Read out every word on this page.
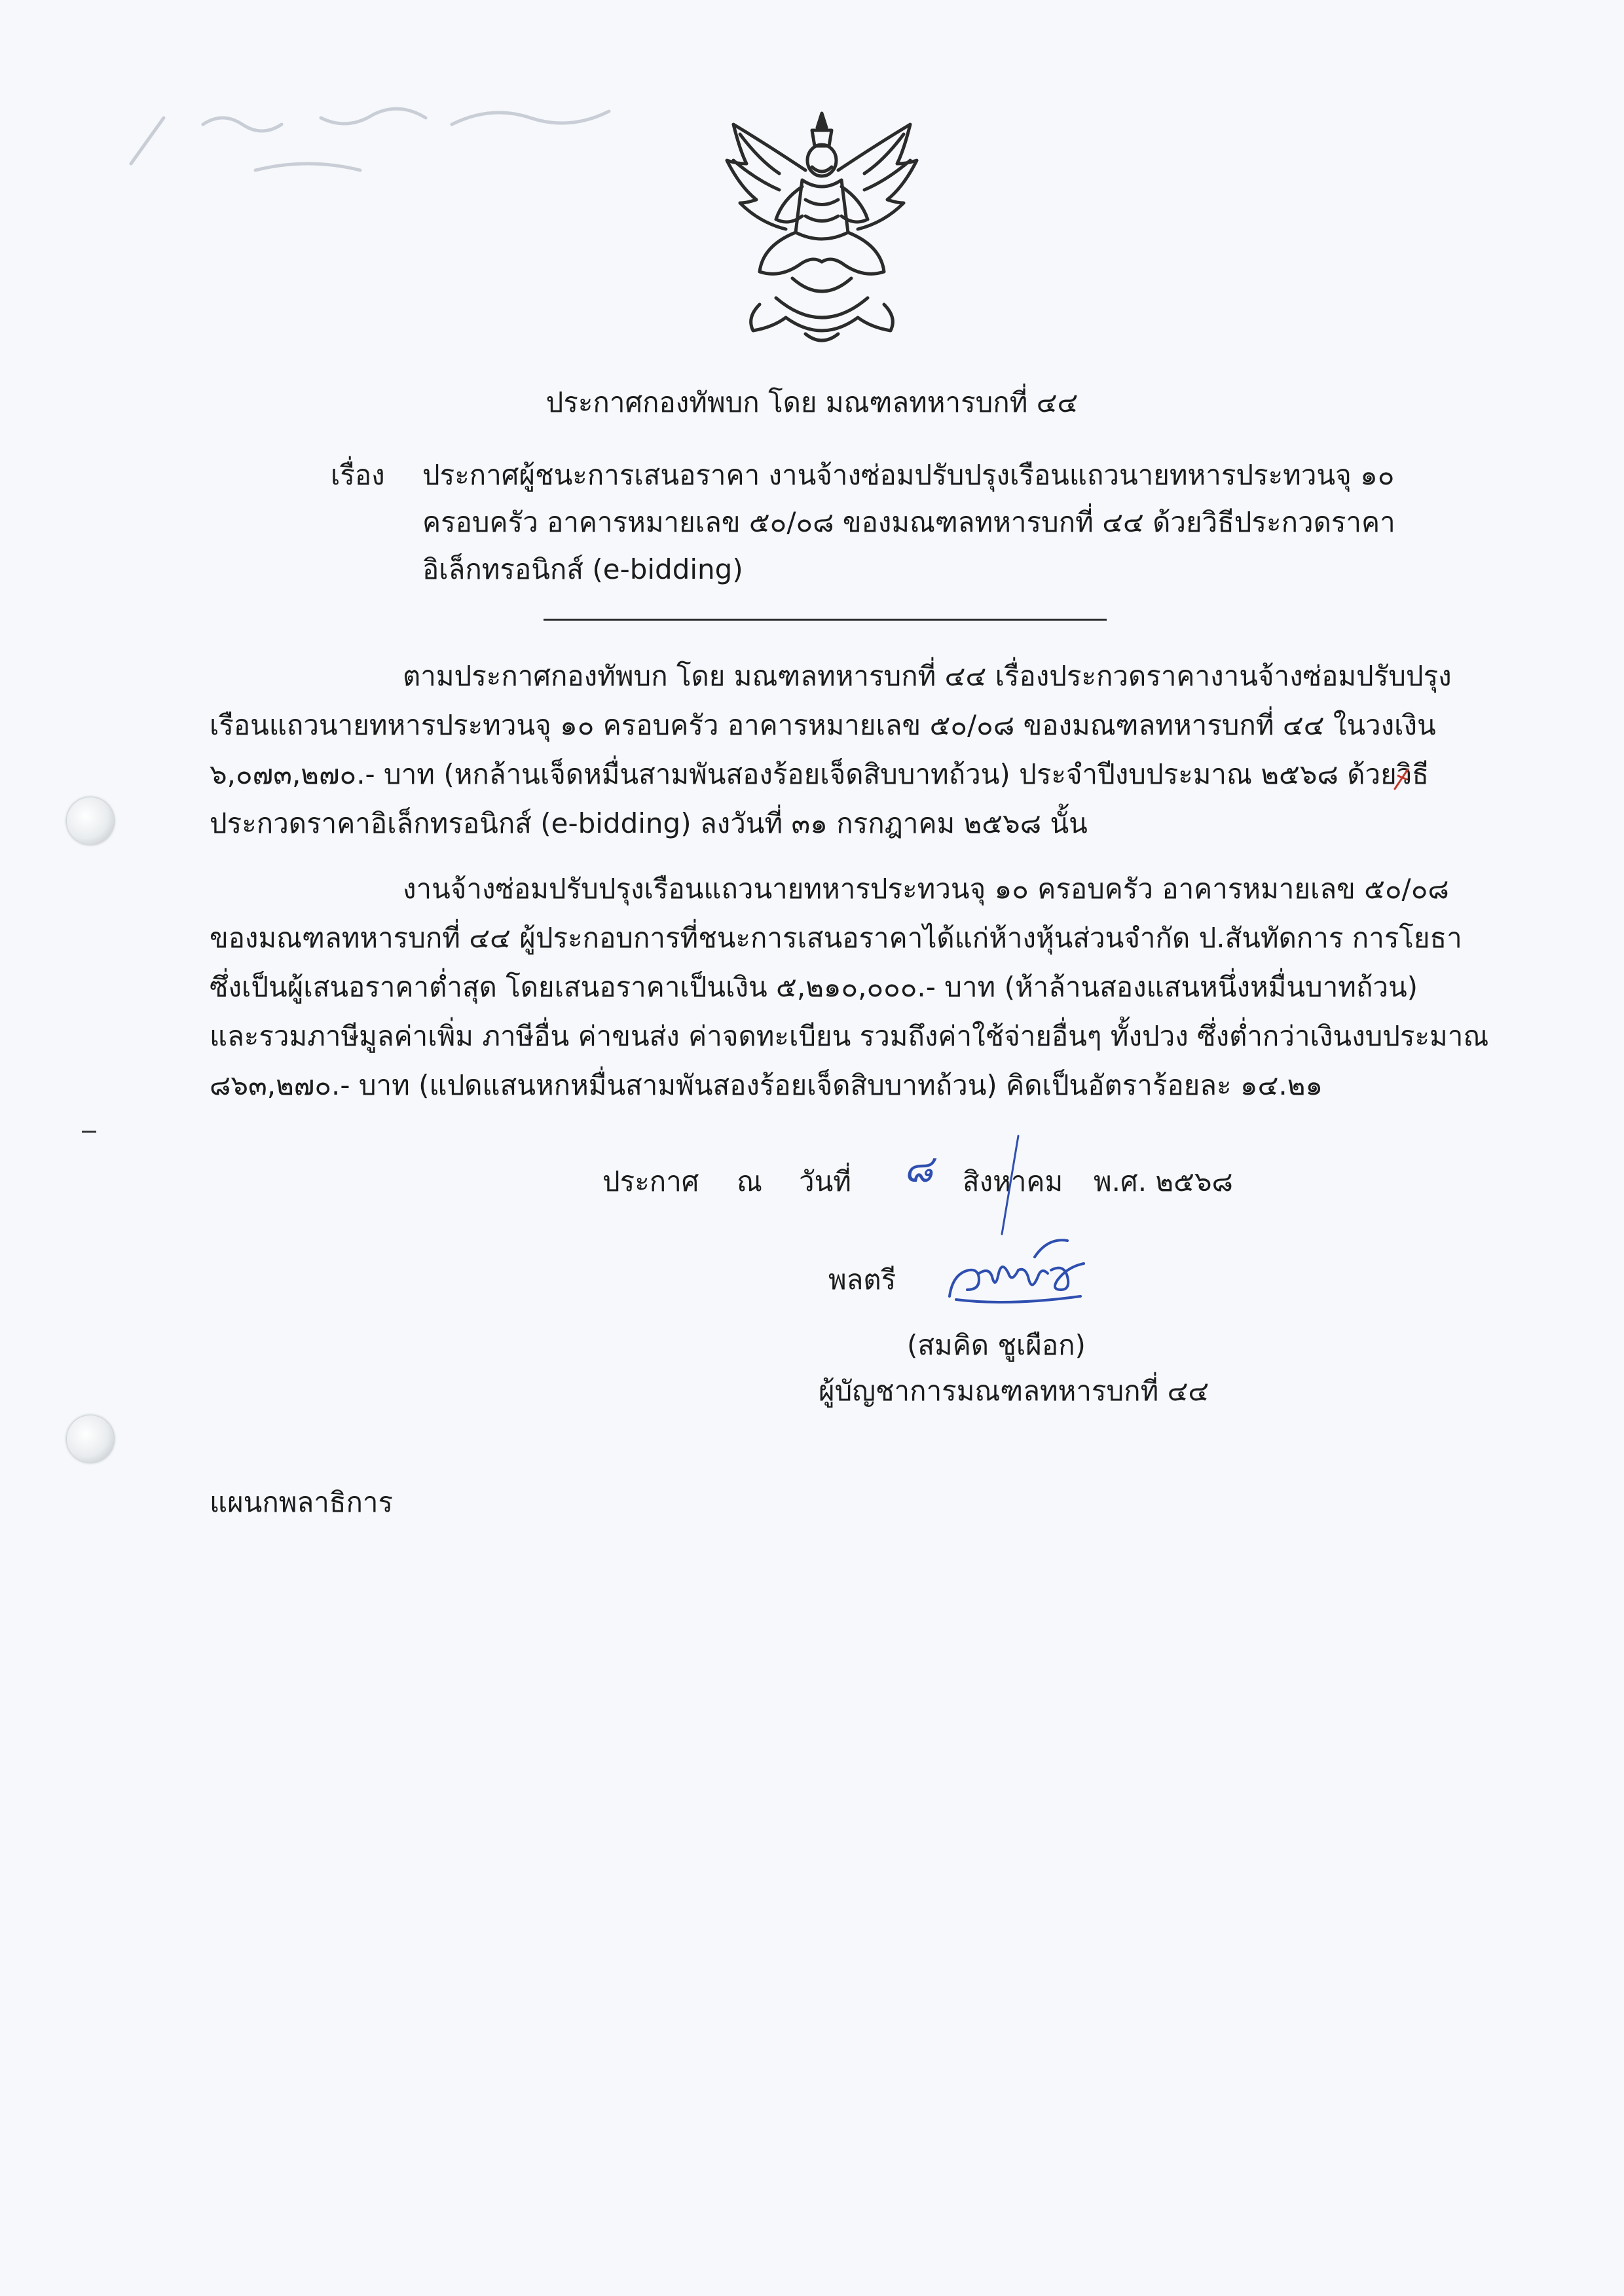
ประกาศกองทัพบก โดย มณฑลทหารบกที่ ๔๔
เรื่อง ประกาศผู้ชนะการเสนอราคา งานจ้างซ่อมปรับปรุงเรือนแถวนายทหารประทวนจุ ๑๐
ครอบครัว อาคารหมายเลข ๕๐/๐๘ ของมณฑลทหารบกที่ ๔๔ ด้วยวิธีประกวดราคา
อิเล็กทรอนิกส์ (e-bidding)
ตามประกาศกองทัพบก โดย มณฑลทหารบกที่ ๔๔ เรื่องประกวดราคางานจ้างซ่อมปรับปรุง
เรือนแถวนายทหารประทวนจุ ๑๐ ครอบครัว อาคารหมายเลข ๕๐/๐๘ ของมณฑลทหารบกที่ ๔๔ ในวงเงิน
๖,๐๗๓,๒๗๐.- บาท (หกล้านเจ็ดหมื่นสามพันสองร้อยเจ็ดสิบบาทถ้วน) ประจำปีงบประมาณ ๒๕๖๘ ด้วยวิธี
ประกวดราคาอิเล็กทรอนิกส์ (e-bidding) ลงวันที่ ๓๑ กรกฎาคม ๒๕๖๘ นั้น
งานจ้างซ่อมปรับปรุงเรือนแถวนายทหารประทวนจุ ๑๐ ครอบครัว อาคารหมายเลข ๕๐/๐๘
ของมณฑลทหารบกที่ ๔๔ ผู้ประกอบการที่ชนะการเสนอราคาได้แก่ห้างหุ้นส่วนจำกัด ป.สันทัดการ การโยธา
ซึ่งเป็นผู้เสนอราคาต่ำสุด โดยเสนอราคาเป็นเงิน ๕,๒๑๐,๐๐๐.- บาท (ห้าล้านสองแสนหนึ่งหมื่นบาทถ้วน)
และรวมภาษีมูลค่าเพิ่ม ภาษีอื่น ค่าขนส่ง ค่าจดทะเบียน รวมถึงค่าใช้จ่ายอื่นๆ ทั้งปวง ซึ่งต่ำกว่าเงินงบประมาณ
๘๖๓,๒๗๐.- บาท (แปดแสนหกหมื่นสามพันสองร้อยเจ็ดสิบบาทถ้วน) คิดเป็นอัตราร้อยละ ๑๔.๒๑
ประกาศ ณ วันที่ ๘ สิงหาคม พ.ศ. ๒๕๖๘
พลตรี
(สมคิด ชูเผือก)
ผู้บัญชาการมณฑลทหารบกที่ ๔๔
แผนกพลาธิการ
